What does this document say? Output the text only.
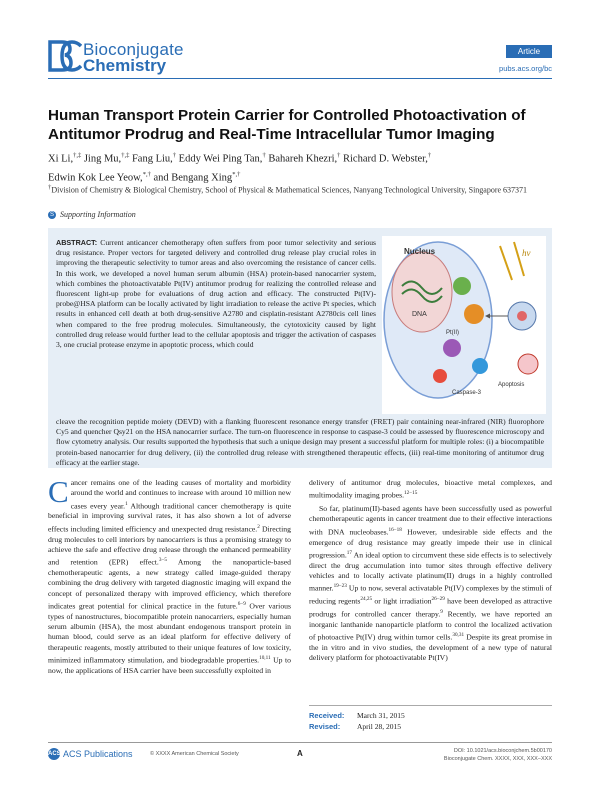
Bioconjugate
Chemistry
Article
pubs.acs.org/bc
Human Transport Protein Carrier for Controlled Photoactivation of Antitumor Prodrug and Real-Time Intracellular Tumor Imaging
Xi Li,†,‡ Jing Mu,†,‡ Fang Liu,† Eddy Wei Ping Tan,† Bahareh Khezri,† Richard D. Webster,†
Edwin Kok Lee Yeow,*,† and Bengang Xing*,†
†Division of Chemistry & Biological Chemistry, School of Physical & Mathematical Sciences, Nanyang Technological University, Singapore 637371
S Supporting Information
ABSTRACT: Current anticancer chemotherapy often suffers from poor tumor selectivity and serious drug resistance. Proper vectors for targeted delivery and controlled drug release play crucial roles in improving the therapeutic selectivity to tumor areas and also overcoming the resistance of cancer cells. In this work, we developed a novel human serum albumin (HSA) protein-based nanocarrier system, which combines the photoactivatable Pt(IV) antitumor prodrug for realizing the controlled release and fluorescent light-up probe for evaluations of drug action and efficacy. The constructed Pt(IV)-probe@HSA platform can be locally activated by light irradiation to release the active Pt species, which results in enhanced cell death at both drug-sensitive A2780 and cisplatin-resistant A2780cis cell lines when compared to the free prodrug molecules. Simultaneously, the cytotoxicity caused by light controlled drug release would further lead to the cellular apoptosis and trigger the activation of caspases 3, one crucial protease enzyme in apoptotic process, which could
Nucleus
DNA
Pt(II)
Caspase-3
hν
Apoptosis
cleave the recognition peptide moiety (DEVD) with a flanking fluorescent resonance energy transfer (FRET) pair containing near-infrared (NIR) fluorophore Cy5 and quencher Qsy21 on the HSA nanocarrier surface. The turn-on fluorescence in response to caspase-3 could be assessed by fluorescence microscopy and flow cytometry analysis. Our results supported the hypothesis that such a unique design may present a successful platform for multiple roles: (i) a biocompatible protein-based nanocarrier for drug delivery, (ii) the controlled drug release with strengthened therapeutic effects, (iii) real-time monitoring of antitumor drug efficacy at the earlier stage.
Cancer remains one of the leading causes of mortality and morbidity around the world and continues to increase with around 10 million new cases every year.$^1$ Although traditional cancer chemotherapy is quite beneficial in improving survival rates, it has also shown a lot of adverse effects including limited efficiency and unexpected drug resistance.$^2$ Directing drug molecules to cell interiors by nanocarriers is thus a promising strategy to achieve the safe and effective drug release through the enhanced permeability and retention (EPR) effect.$^{3-5}$ Among the nanoparticle-based chemotherapeutic agents, a new strategy called image-guided therapy combining the drug delivery with targeted diagnostic imaging will expand the concept of personalized therapy with improved efficiency, which therefore indicates great potential for clinical practice in the future.$^{6-9}$ Over various types of nanostructures, biocompatible protein nanocarriers, especially human serum albumin (HSA), the most abundant endogenous transport protein in human blood, could serve as an ideal platform for effective delivery of therapeutic reagents, mostly attributed to their unique features of low toxicity, minimized inflammatory stimulation, and biodegradable properties.$^{10,11}$ Up to now, the applications of HSA carrier have been successfully exploited in

delivery of antitumor drug molecules, bioactive metal complexes, and multimodality imaging probes.$^{12-15}$

So far, platinum(II)-based agents have been successfully used as powerful chemotherapeutic agents in cancer treatment due to their effective interactions with DNA nucleobases.$^{16-18}$ However, undesirable side effects and the emergence of drug resistance may greatly impede their use in clinical progression.$^{17}$ An ideal option to circumvent these side effects is to selectively direct the drug accumulation into tumor sites through effective delivery vehicles and to locally activate platinum(II) drugs in a highly controlled manner.$^{19-23}$ Up to now, several activatable Pt(IV) complexes by the stimuli of reducing regents$^{24,25}$ or light irradiation$^{26-29}$ have been developed as attractive prodrugs for controlled cancer therapy.$^9$ Recently, we have reported an inorganic lanthanide nanoparticle platform to control the localized activation of photoactive Pt(IV) drug within tumor cells.$^{30,31}$ Despite its great promise in the in vitro and in vivo studies, the development of a new type of natural delivery platform for photoactivatable Pt(IV)

Received: March 31, 2015
Revised: April 28, 2015
ACS ACS Publications	© XXXX American Chemical Society	A	DOI: 10.1021/acs.bioconjchem.5b00170
Bioconjugate Chem. XXXX, XXX, XXX−XXX
